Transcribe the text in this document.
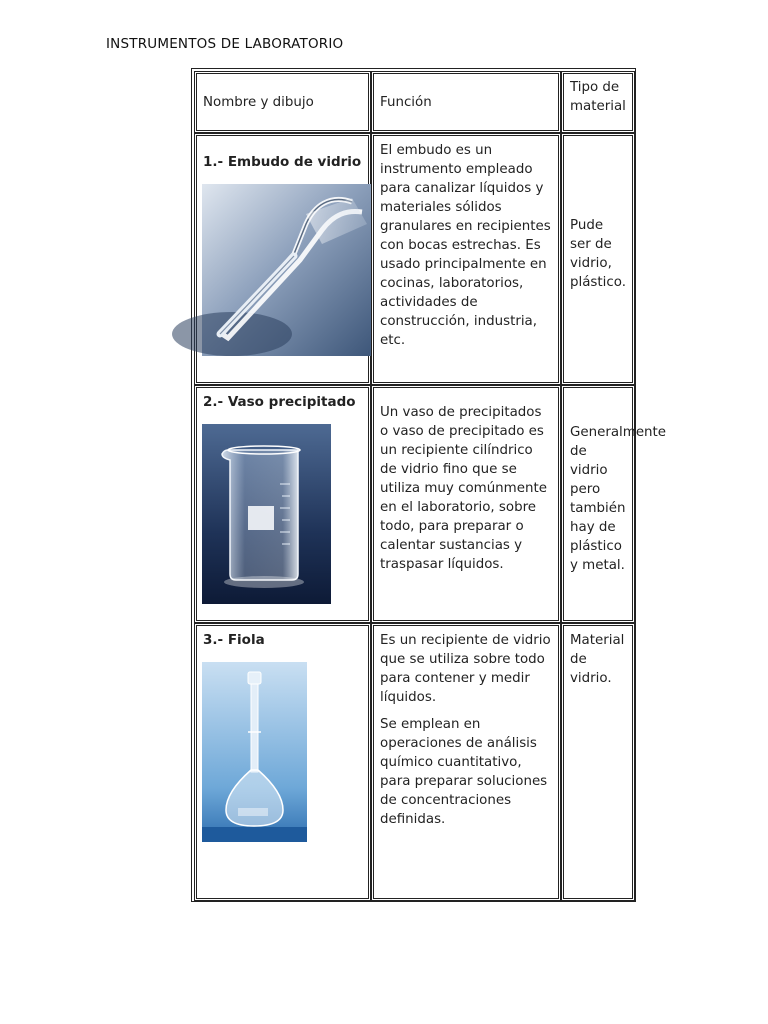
INSTRUMENTOS DE LABORATORIO
Nombre y dibujo	Función
Tipo de material
1.- Embudo de vidrio

El embudo es un instrumento empleado para canalizar líquidos y materiales sólidos granulares en recipientes con bocas estrechas. Es usado principalmente en cocinas, laboratorios, actividades de construcción, industria, etc.

Pude ser de vidrio, plástico.
2.- Vaso precipitado

Un vaso de precipitados o vaso de precipitado es un recipiente cilíndrico de vidrio fino que se utiliza muy comúnmente en el laboratorio, sobre todo, para preparar o calentar sustancias y traspasar líquidos.

Generalmente de vidrio pero también hay de plástico y metal.
3.- Fiola	Es un recipiente de vidrio que se utiliza sobre todo para contener y medir líquidos.

Se emplean en operaciones de análisis químico cuantitativo, para preparar soluciones de concentraciones definidas.

Material de vidrio.
